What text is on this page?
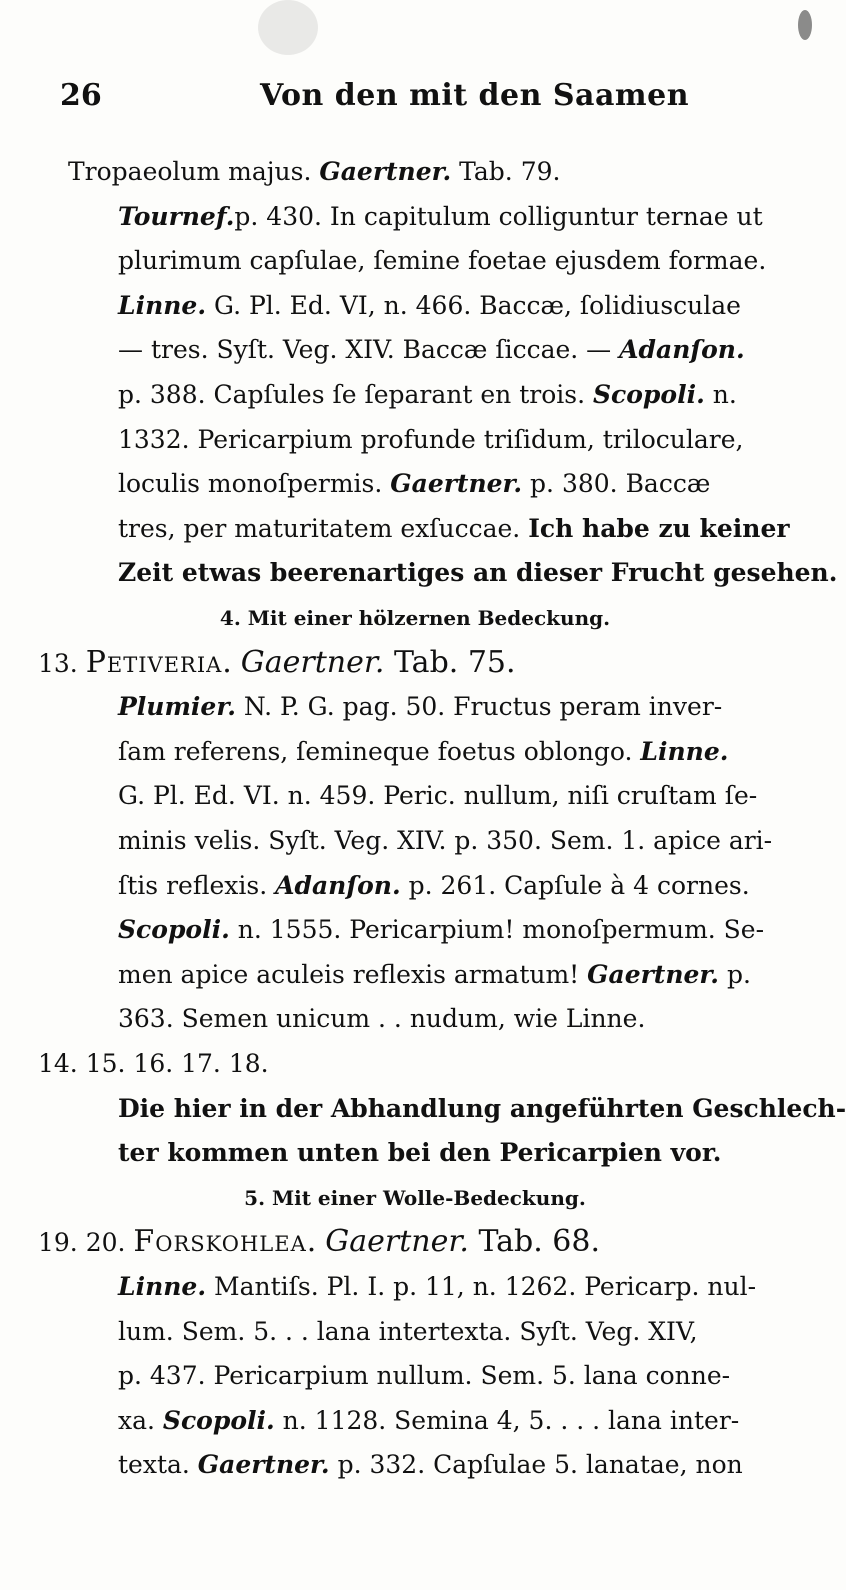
26	Von den mit den Saamen
Tropaeolum majus. Gaertner. Tab. 79.
Tournef.p. 430. In capitulum colliguntur ternae ut
plurimum capſulae, ſemine foetae ejusdem formae.
Linne. G. Pl. Ed. VI, n. 466. Baccæ, ſolidiusculae
— tres. Syſt. Veg. XIV. Baccæ ſiccae. — Adanſon.
p. 388. Capſules ſe ſeparant en trois. Scopoli. n.
1332. Pericarpium profunde triſidum, triloculare,
loculis monoſpermis. Gaertner. p. 380. Baccæ
tres, per maturitatem exſuccae. Ich habe zu keiner
Zeit etwas beerenartiges an dieser Frucht gesehen.
4. Mit einer hölzernen Bedeckung.
13. Petiveria. Gaertner. Tab. 75.
Plumier. N. P. G. pag. 50. Fructus peram inver-
ſam referens, ſemineque foetus oblongo. Linne.
G. Pl. Ed. VI. n. 459. Peric. nullum, niſi cruſtam ſe-
minis velis. Syſt. Veg. XIV. p. 350. Sem. 1. apice ari-
ſtis reflexis. Adanſon. p. 261. Capſule à 4 cornes.
Scopoli. n. 1555. Pericarpium! monoſpermum. Se-
men apice aculeis reflexis armatum! Gaertner. p.
363. Semen unicum . . nudum, wie Linne.
14. 15. 16. 17. 18.
Die hier in der Abhandlung angeführten Geschlech-
ter kommen unten bei den Pericarpien vor.
5. Mit einer Wolle-Bedeckung.
19. 20. Forskohlea. Gaertner. Tab. 68.
Linne. Mantiſs. Pl. I. p. 11, n. 1262. Pericarp. nul-
lum. Sem. 5. . . lana intertexta. Syſt. Veg. XIV,
p. 437. Pericarpium nullum. Sem. 5. lana conne-
xa. Scopoli. n. 1128. Semina 4, 5. . . . lana inter-
texta. Gaertner. p. 332. Capſulae 5. lanatae, non
